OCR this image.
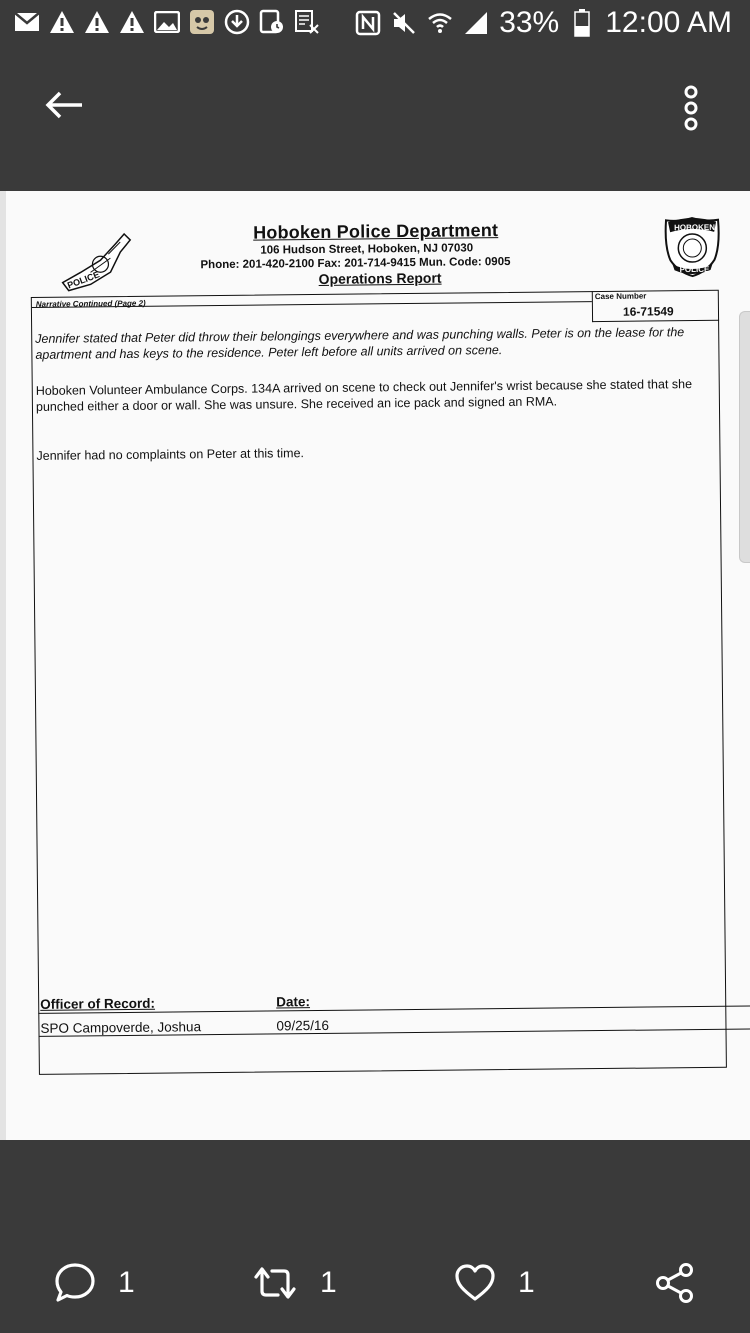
33% 12:00 AM
POLICE
Hoboken Police Department
106 Hudson Street, Hoboken, NJ 07030
Phone: 201-420-2100 Fax: 201-714-9415 Mun. Code: 0905
Operations Report
HOBOKEN
POLICE
Narrative Continued (Page 2)
Case Number
16-71549
Jennifer stated that Peter did throw their belongings everywhere and was punching walls. Peter is on the lease for the apartment and has keys to the residence. Peter left before all units arrived on scene.
Hoboken Volunteer Ambulance Corps. 134A arrived on scene to check out Jennifer's wrist because she stated that she punched either a door or wall. She was unsure. She received an ice pack and signed an RMA.
Jennifer had no complaints on Peter at this time.
Officer of Record:	Date:
SPO Campoverde, Joshua	09/25/16
1	1	1
